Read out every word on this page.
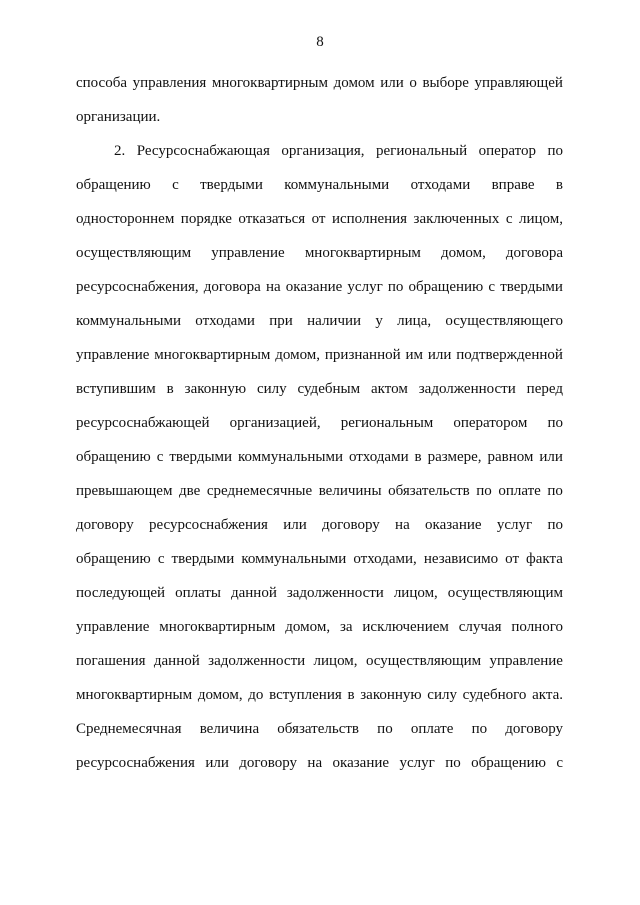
8
способа управления многоквартирным домом или о выборе управляющей
организации.
2. Ресурсоснабжающая организация, региональный оператор по
обращению с твердыми коммунальными отходами вправе в
одностороннем порядке отказаться от исполнения заключенных с лицом,
осуществляющим управление многоквартирным домом, договора
ресурсоснабжения, договора на оказание услуг по обращению с твердыми
коммунальными отходами при наличии у лица, осуществляющего
управление многоквартирным домом, признанной им или подтвержденной
вступившим в законную силу судебным актом задолженности перед
ресурсоснабжающей организацией, региональным оператором по
обращению с твердыми коммунальными отходами в размере, равном или
превышающем две среднемесячные величины обязательств по оплате по
договору ресурсоснабжения или договору на оказание услуг по
обращению с твердыми коммунальными отходами, независимо от факта
последующей оплаты данной задолженности лицом, осуществляющим
управление многоквартирным домом, за исключением случая полного
погашения данной задолженности лицом, осуществляющим управление
многоквартирным домом, до вступления в законную силу судебного акта.
Среднемесячная величина обязательств по оплате по договору
ресурсоснабжения или договору на оказание услуг по обращению с
